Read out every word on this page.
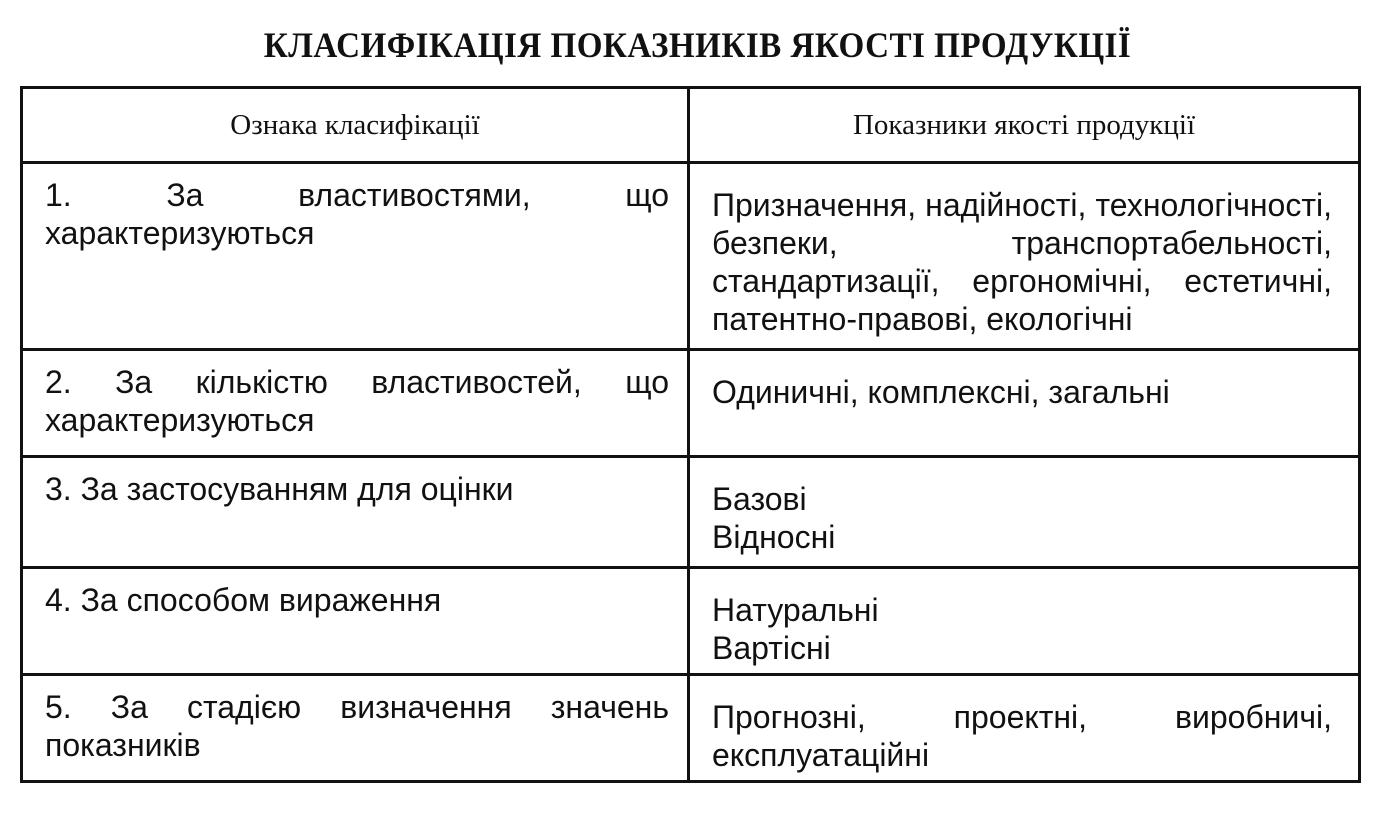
КЛАСИФІКАЦІЯ ПОКАЗНИКІВ ЯКОСТІ ПРОДУКЦІЇ
Ознака класифікації	Показники якості продукції

1. За властивостями, що характеризуються	Призначення, надійності, технологічності, безпеки, транспортабельності, стандартизації, ергономічні, естетичні, патентно-правові, екологічні

2. За кількістю властивостей, що характеризуються	Одиничні, комплексні, загальні

3. За застосуванням для оцінки	Базові
Відносні

4. За способом вираження	Натуральні
Вартісні

5. За стадією визначення значень показників	Прогнозні, проектні, виробничі, експлуатаційні
